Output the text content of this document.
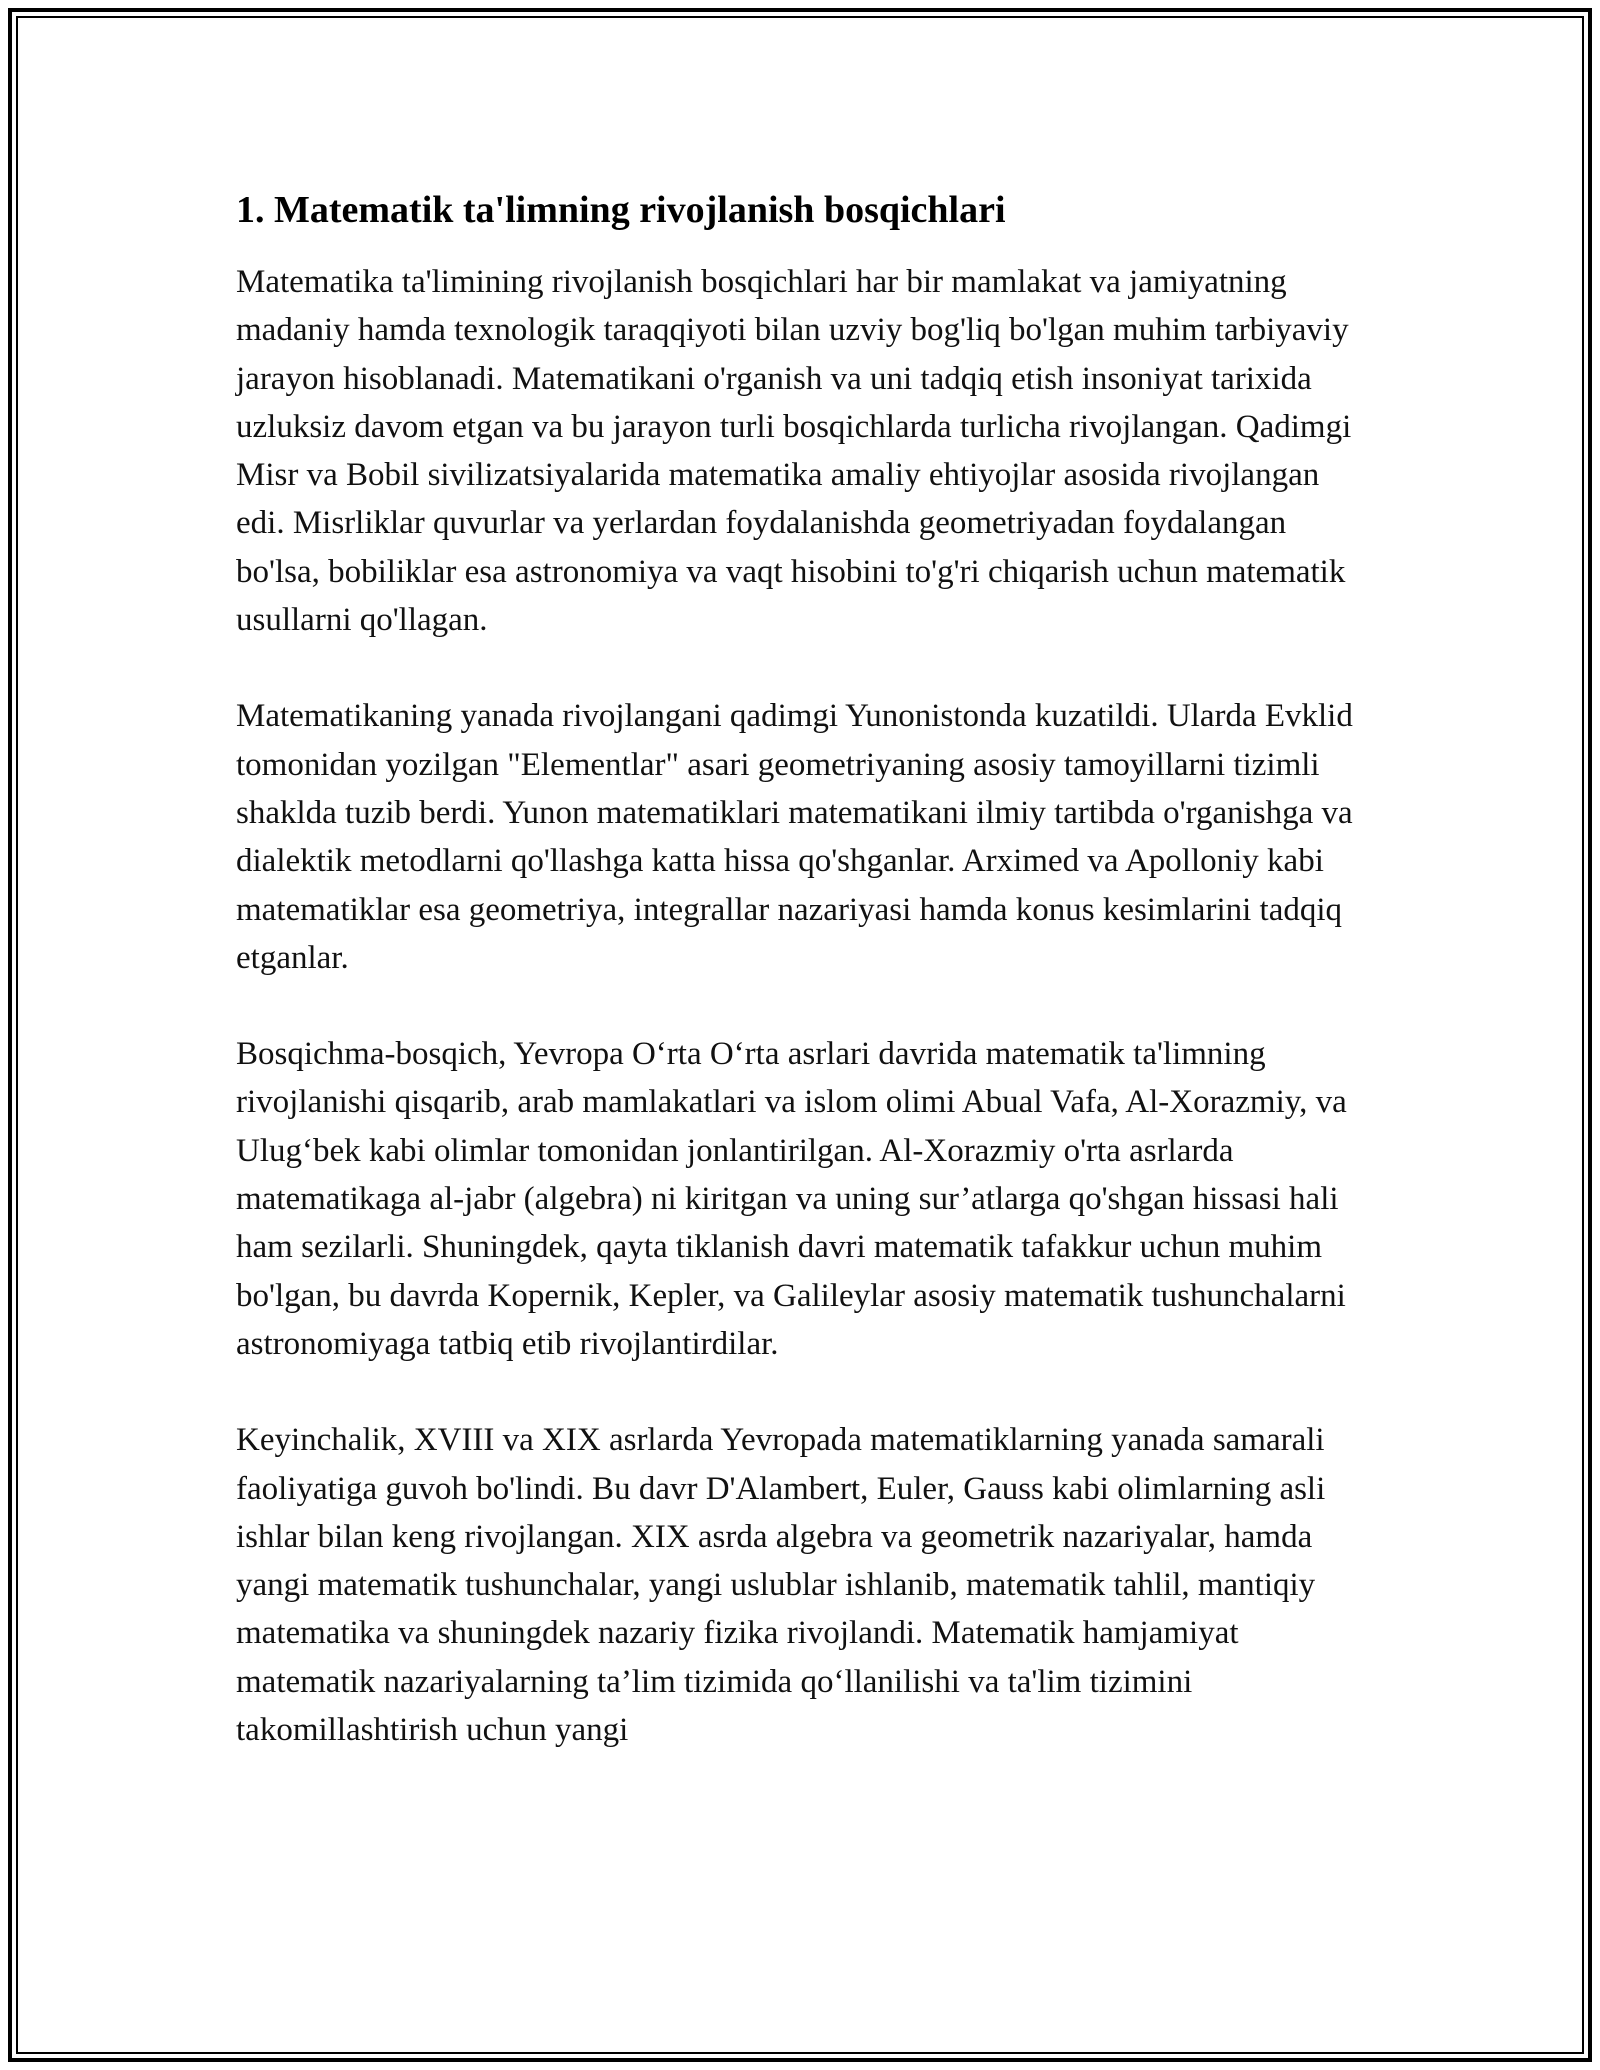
1. Matematik ta'limning rivojlanish bosqichlari

Matematika ta'limining rivojlanish bosqichlari har bir mamlakat va jamiyatning madaniy hamda texnologik taraqqiyoti bilan uzviy bog'liq bo'lgan muhim tarbiyaviy jarayon hisoblanadi. Matematikani o'rganish va uni tadqiq etish insoniyat tarixida uzluksiz davom etgan va bu jarayon turli bosqichlarda turlicha rivojlangan. Qadimgi Misr va Bobil sivilizatsiyalarida matematika amaliy ehtiyojlar asosida rivojlangan edi. Misrliklar quvurlar va yerlardan foydalanishda geometriyadan foydalangan bo'lsa, bobiliklar esa astronomiya va vaqt hisobini to'g'ri chiqarish uchun matematik usullarni qo'llagan.

Matematikaning yanada rivojlangani qadimgi Yunonistonda kuzatildi. Ularda Evklid tomonidan yozilgan "Elementlar" asari geometriyaning asosiy tamoyillarni tizimli shaklda tuzib berdi. Yunon matematiklari matematikani ilmiy tartibda o'rganishga va dialektik metodlarni qo'llashga katta hissa qo'shganlar. Arximed va Apolloniy kabi matematiklar esa geometriya, integrallar nazariyasi hamda konus kesimlarini tadqiq etganlar.

Bosqichma-bosqich, Yevropa O‘rta O‘rta asrlari davrida matematik ta'limning rivojlanishi qisqarib, arab mamlakatlari va islom olimi Abual Vafa, Al-Xorazmiy, va Ulug‘bek kabi olimlar tomonidan jonlantirilgan. Al-Xorazmiy o'rta asrlarda matematikaga al-jabr (algebra) ni kiritgan va uning sur’atlarga qo'shgan hissasi hali ham sezilarli. Shuningdek, qayta tiklanish davri matematik tafakkur uchun muhim bo'lgan, bu davrda Kopernik, Kepler, va Galileylar asosiy matematik tushunchalarni astronomiyaga tatbiq etib rivojlantirdilar.

Keyinchalik, XVIII va XIX asrlarda Yevropada matematiklarning yanada samarali faoliyatiga guvoh bo'lindi. Bu davr D'Alambert, Euler, Gauss kabi olimlarning asli ishlar bilan keng rivojlangan. XIX asrda algebra va geometrik nazariyalar, hamda yangi matematik tushunchalar, yangi uslublar ishlanib, matematik tahlil, mantiqiy matematika va shuningdek nazariy fizika rivojlandi. Matematik hamjamiyat matematik nazariyalarning ta’lim tizimida qo‘llanilishi va ta'lim tizimini takomillashtirish uchun yangi
